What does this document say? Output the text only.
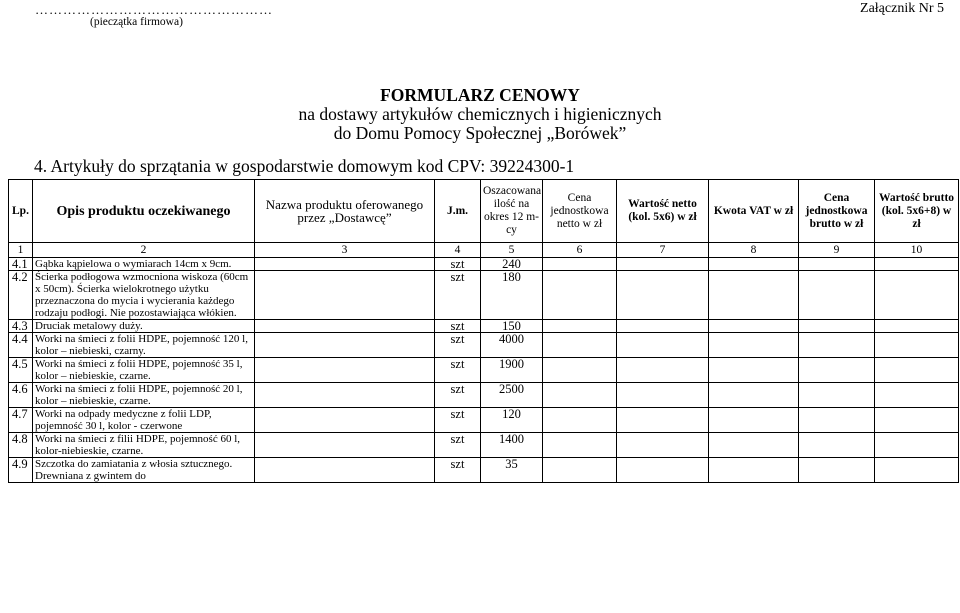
……………………………………………
(pieczątka firmowa)
Załącznik Nr 5
FORMULARZ CENOWY
na dostawy artykułów chemicznych i higienicznych
do Domu Pomocy Społecznej „Borówek”
4. Artykuły do sprzątania w gospodarstwie domowym kod CPV: 39224300-1
Lp.	Opis produktu oczekiwanego	Nazwa produktu oferowanego przez „Dostawcę”	J.m.	Oszacowana ilość na okres 12 m-cy	Cena jednostkowa netto w zł	Wartość netto (kol. 5x6) w zł	Kwota VAT w zł	Cena jednostkowa brutto w zł	Wartość brutto (kol. 5x6+8) w zł
1	2	3	4	5	6	7	8	9	10
4.1	Gąbka kąpielowa o wymiarach 14cm x 9cm.		szt	240					
4.2	Ścierka podłogowa wzmocniona wiskoza (60cm x 50cm). Ścierka wielokrotnego użytku przeznaczona do mycia i wycierania każdego rodzaju podłogi. Nie pozostawiająca włókien.		szt	180					
4.3	Druciak metalowy duży.		szt	150					
4.4	Worki na śmieci z folii HDPE, pojemność 120 l, kolor – niebieski, czarny.		szt	4000					
4.5	Worki na śmieci z folii HDPE, pojemność 35 l, kolor – niebieskie, czarne.		szt	1900					
4.6	Worki na śmieci z folii HDPE, pojemność 20 l, kolor – niebieskie, czarne.		szt	2500					
4.7	Worki na odpady medyczne z folii LDP, pojemność 30 l, kolor - czerwone		szt	120					
4.8	Worki na śmieci z filii HDPE, pojemność 60 l, kolor-niebieskie, czarne.		szt	1400					
4.9	Szczotka do zamiatania z włosia sztucznego. Drewniana z gwintem do		szt	35					
